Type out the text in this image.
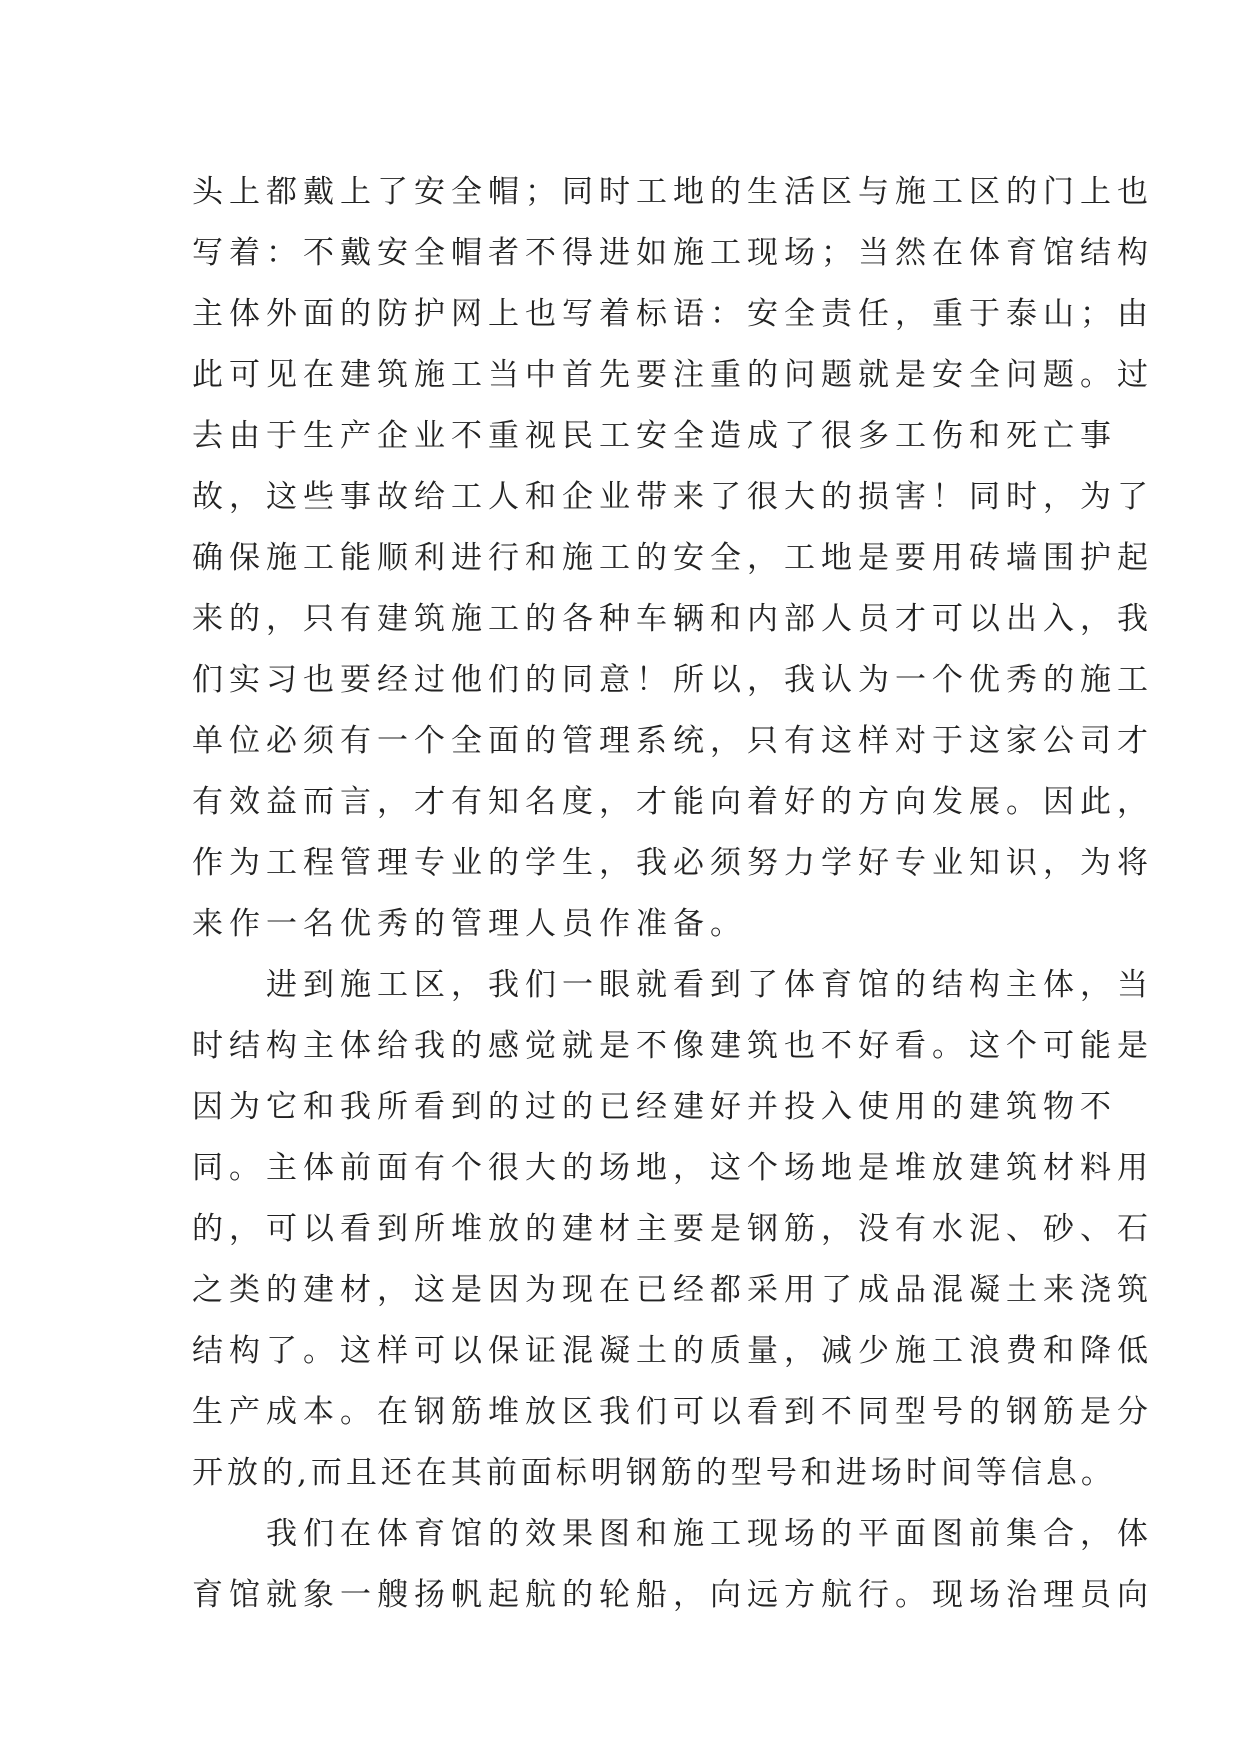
头上都戴上了安全帽；同时工地的生活区与施工区的门上也
写着：不戴安全帽者不得进如施工现场；当然在体育馆结构
主体外面的防护网上也写着标语：安全责任，重于泰山；由
此可见在建筑施工当中首先要注重的问题就是安全问题。过
去由于生产企业不重视民工安全造成了很多工伤和死亡事
故，这些事故给工人和企业带来了很大的损害！同时，为了
确保施工能顺利进行和施工的安全，工地是要用砖墙围护起
来的，只有建筑施工的各种车辆和内部人员才可以出入，我
们实习也要经过他们的同意！所以，我认为一个优秀的施工
单位必须有一个全面的管理系统，只有这样对于这家公司才
有效益而言，才有知名度，才能向着好的方向发展。因此，
作为工程管理专业的学生，我必须努力学好专业知识，为将
来作一名优秀的管理人员作准备。
进到施工区，我们一眼就看到了体育馆的结构主体，当
时结构主体给我的感觉就是不像建筑也不好看。这个可能是
因为它和我所看到的过的已经建好并投入使用的建筑物不
同。主体前面有个很大的场地，这个场地是堆放建筑材料用
的，可以看到所堆放的建材主要是钢筋，没有水泥、砂、石
之类的建材，这是因为现在已经都采用了成品混凝土来浇筑
结构了。这样可以保证混凝土的质量，减少施工浪费和降低
生产成本。在钢筋堆放区我们可以看到不同型号的钢筋是分
开放的,而且还在其前面标明钢筋的型号和进场时间等信息。
我们在体育馆的效果图和施工现场的平面图前集合，体
育馆就象一艘扬帆起航的轮船，向远方航行。现场治理员向
